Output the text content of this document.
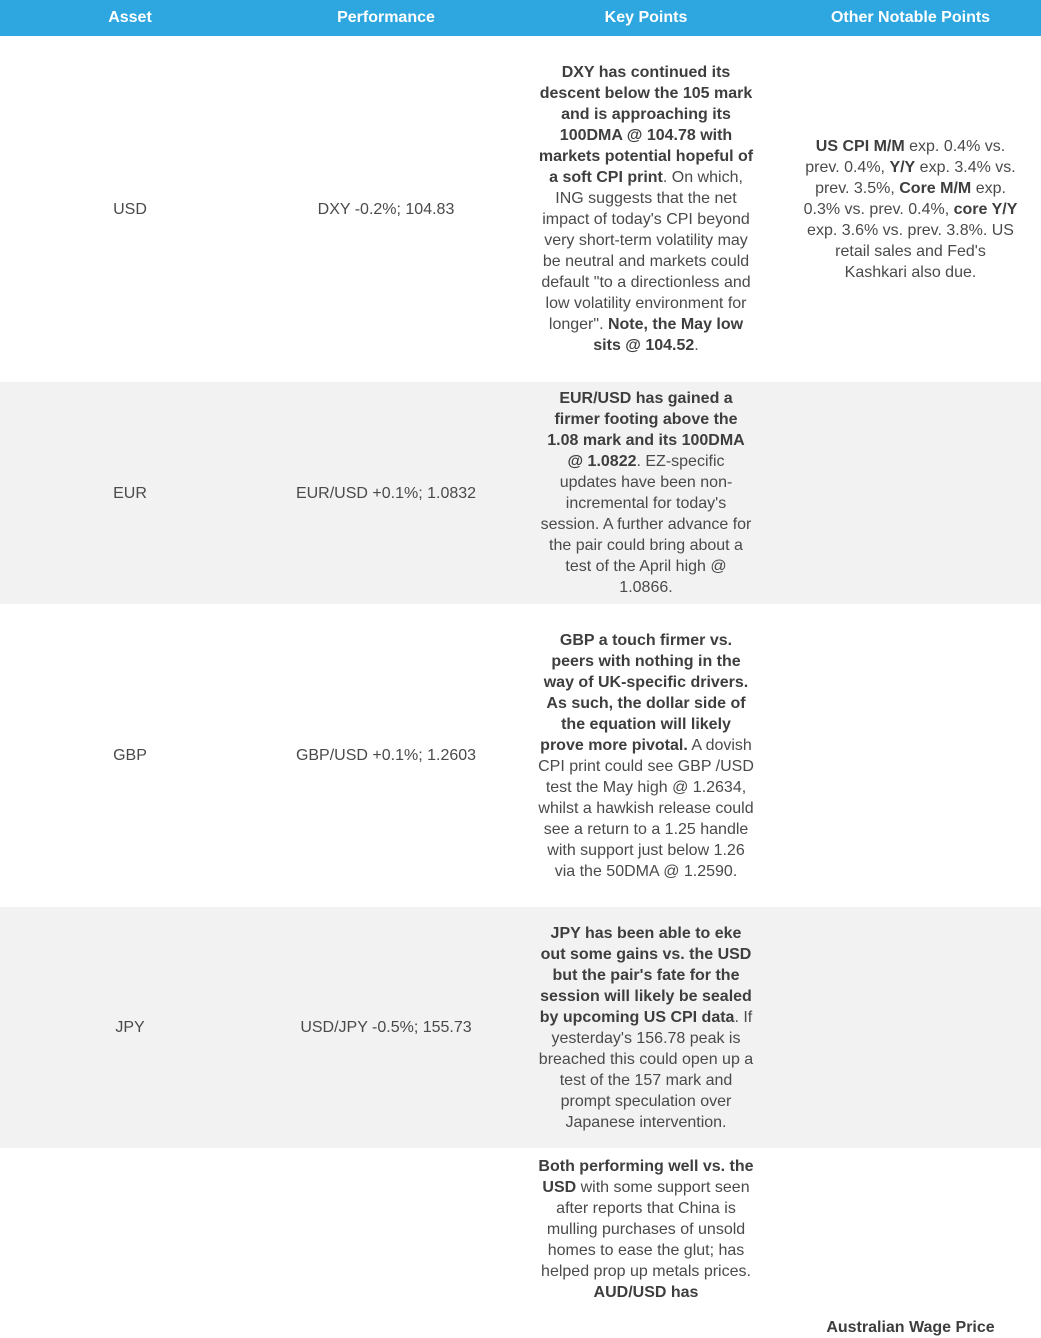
Asset	Performance	Key Points	Other Notable Points
USD	DXY -0.2%; 104.83	DXY has continued its descent below the 105 mark and is approaching its 100DMA @ 104.78 with markets potential hopeful of a soft CPI print. On which, ING suggests that the net impact of today's CPI beyond very short-term volatility may be neutral and markets could default "to a directionless and low volatility environment for longer". Note, the May low sits @ 104.52.	US CPI M/M exp. 0.4% vs. prev. 0.4%, Y/Y exp. 3.4% vs. prev. 3.5%, Core M/M exp. 0.3% vs. prev. 0.4%, core Y/Y exp. 3.6% vs. prev. 3.8%. US retail sales and Fed's Kashkari also due.

EUR	EUR/USD +0.1%; 1.0832	EUR/USD has gained a firmer footing above the 1.08 mark and its 100DMA @ 1.0822. EZ-specific updates have been non-incremental for today's session. A further advance for the pair could bring about a test of the April high @ 1.0866.	

GBP	GBP/USD +0.1%; 1.2603	GBP a touch firmer vs. peers with nothing in the way of UK-specific drivers. As such, the dollar side of the equation will likely prove more pivotal. A dovish CPI print could see GBP /USD test the May high @ 1.2634, whilst a hawkish release could see a return to a 1.25 handle with support just below 1.26 via the 50DMA @ 1.2590.	

JPY	USD/JPY -0.5%; 155.73	JPY has been able to eke out some gains vs. the USD but the pair's fate for the session will likely be sealed by upcoming US CPI data. If yesterday's 156.78 peak is breached this could open up a test of the 157 mark and prompt speculation over Japanese intervention.	

		Both performing well vs. the USD with some support seen after reports that China is mulling purchases of unsold homes to ease the glut; has helped prop up metals prices. AUD/USD has	Australian Wage Price
